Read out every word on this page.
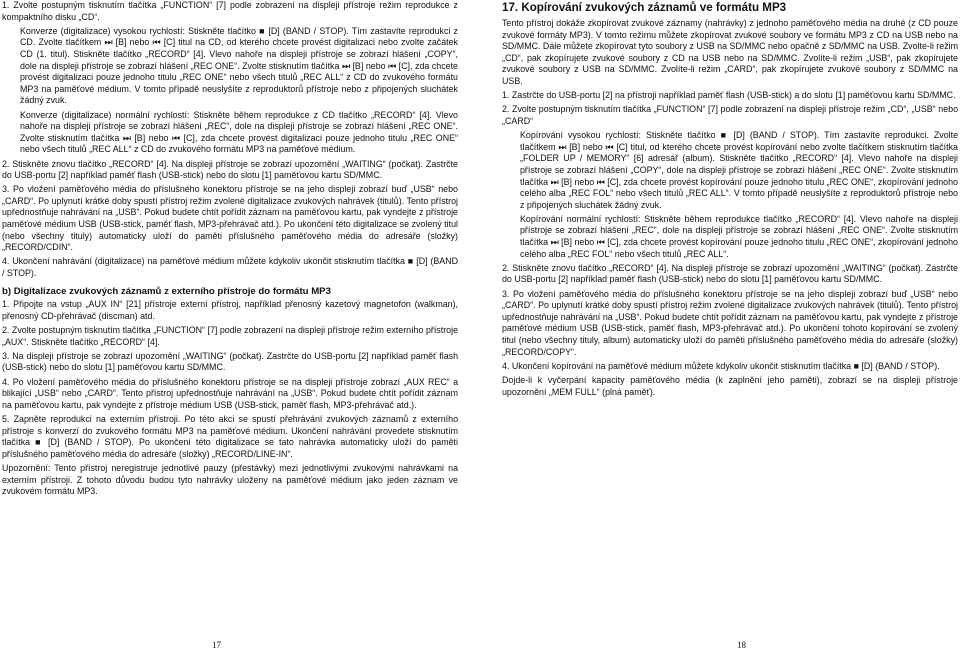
1. Zvolte postupným tisknutím tlačítka „FUNCTION“ [7] podle zobrazení na displeji přístroje režim reprodukce z kompaktního disku „CD“.

Konverze (digitalizace) vysokou rychlostí: Stiskněte tlačítko ■ [D] (BAND / STOP). Tím zastavíte reprodukci z CD. Zvolte tlačítkem ⏭ [B] nebo ⏮ [C] titul na CD, od kterého chcete provést digitalizaci nebo zvolte začátek CD (1. titul). Stiskněte tlačítko „RECORD“ [4]. Vlevo nahoře na displeji přístroje se zobrazí hlášení „COPY“, dole na displeji přístroje se zobrazí hlášení „REC ONE“. Zvolte stisknutím tlačítka ⏭ [B] nebo ⏮ [C], zda chcete provést digitalizaci pouze jednoho titulu „REC ONE“ nebo všech titulů „REC ALL“ z CD do zvukového formátu MP3 na paměťové médium. V tomto případě neuslyšíte z reproduktorů přístroje nebo z připojených sluchátek žádný zvuk.

Konverze (digitalizace) normální rychlostí: Stiskněte během reprodukce z CD tlačítko „RECORD“ [4]. Vlevo nahoře na displeji přístroje se zobrazí hlášení „REC“, dole na displeji přístroje se zobrazí hlášení „REC ONE“. Zvolte stisknutím tlačítka ⏭ [B] nebo ⏮ [C], zda chcete provést digitalizaci pouze jednoho titulu „REC ONE“ nebo všech titulů „REC ALL“ z CD do zvukového formátu MP3 na paměťové médium.

2. Stiskněte znovu tlačítko „RECORD“ [4]. Na displeji přístroje se zobrazí upozornění „WAITING“ (počkat). Zastrčte do USB-portu [2] například paměť flash (USB-stick) nebo do slotu [1] paměťovou kartu SD/MMC.
3. Po vložení paměťového média do příslušného konektoru přístroje se na jeho displeji zobrazí buď „USB“ nebo „CARD“. Po uplynutí krátké doby spustí přístroj režim zvolené digitalizace zvukových nahrávek (titulů). Tento přístroj upřednostňuje nahrávání na „USB“. Pokud budete chtít pořídit záznam na paměťovou kartu, pak vyndejte z přístroje paměťové médium USB (USB-stick, paměť flash, MP3-přehrávač atd.). Po ukončení této digitalizace se zvolený titul (nebo všechny tituly) automaticky uloží do paměti příslušného paměťového média do adresáře (složky) „RECORD/CDIN“.
4. Ukončení nahrávání (digitalizace) na paměťové médium můžete kdykoliv ukončit stisknutím tlačítka ■ [D] (BAND / STOP).
b) Digitalizace zvukových záznamů z externího přístroje do formátu MP3
1. Připojte na vstup „AUX IN“ [21] přístroje externí přístroj, například přenosný kazetový magnetofon (walkman), přenosný CD-přehrávač (discman) atd.
2. Zvolte postupným tisknutím tlačítka „FUNCTION“ [7] podle zobrazení na displeji přístroje režim externího přístroje „AUX“. Stiskněte tlačítko „RECORD“ [4].
3. Na displeji přístroje se zobrazí upozornění „WAITING“ (počkat). Zastrčte do USB-portu [2] například paměť flash (USB-stick) nebo do slotu [1] paměťovou kartu SD/MMC.
4. Po vložení paměťového média do příslušného konektoru přístroje se na displeji přístroje zobrazí „AUX REC“ a blikající „USB“ nebo „CARD“. Tento přístroj upřednostňuje nahrávání na „USB“. Pokud budete chtít pořídit záznam na paměťovou kartu, pak vyndejte z přístroje médium USB (USB-stick, paměť flash, MP3-přehrávač atd.).
5. Zapněte reprodukci na externím přístroji. Po této akci se spustí přehrávání zvukových záznamů z externího přístroje s konverzí do zvukového formátu MP3 na paměťové médium. Ukončení nahrávání provedete stisknutím tlačítka ■ [D] (BAND / STOP). Po ukončení této digitalizace se tato nahrávka automaticky uloží do paměti příslušného paměťového média do adresáře (složky) „RECORD/LINE-IN“.

Upozornění: Tento přístroj neregistruje jednotlivé pauzy (přestávky) mezi jednotlivými zvukovými nahrávkami na externím přístroji. Z tohoto důvodu budou tyto nahrávky uloženy na paměťové médium jako jeden záznam ve zvukovém formátu MP3.

17. Kopírování zvukových záznamů ve formátu MP3

Tento přístroj dokáže zkopírovat zvukové záznamy (nahrávky) z jednoho paměťového média na druhé (z CD pouze zvukové formáty MP3). V tomto režimu můžete zkopírovat zvukové soubory ve formátu MP3 z CD na USB nebo na SD/MMC. Dále můžete zkopírovat tyto soubory z USB na SD/MMC nebo opačně z SD/MMC na USB. Zvolte-li režim „CD“, pak zkopírujete zvukové soubory z CD na USB nebo na SD/MMC. Zvolíte-li režim „USB“, pak zkopírujete zvukové soubory z USB na SD/MMC. Zvolíte-li režim „CARD“, pak zkopírujete zvukové soubory z SD/MMC na USB.

1. Zastrčte do USB-portu [2] na přístroji například paměť flash (USB-stick) a do slotu [1] paměťovou kartu SD/MMC.
2. Zvolte postupným tisknutím tlačítka „FUNCTION“ [7] podle zobrazení na displeji přístroje režim „CD“, „USB“ nebo „CARD“

Kopírování vysokou rychlostí: Stiskněte tlačítko ■ [D] (BAND / STOP). Tím zastavíte reprodukci. Zvolte tlačítkem ⏭ [B] nebo ⏮ [C] titul, od kterého chcete provést kopírování nebo zvolte tlačítkem stisknutím tlačítka „FOLDER UP / MEMORY“ [6] adresář (album). Stiskněte tlačítko „RECORD“ [4]. Vlevo nahoře na displeji přístroje se zobrazí hlášení „COPY“, dole na displeji přístroje se zobrazí hlášení „REC ONE“. Zvolte stisknutím tlačítka ⏭ [B] nebo ⏮ [C], zda chcete provést kopírování pouze jednoho titulu „REC ONE“, zkopírování jednoho celého alba „REC FOL“ nebo všech titulů „REC ALL“. V tomto případě neuslyšíte z reproduktorů přístroje nebo z připojených sluchátek žádný zvuk.

Kopírování normální rychlostí: Stiskněte během reprodukce tlačítko „RECORD“ [4]. Vlevo nahoře na displeji přístroje se zobrazí hlášení „REC“, dole na displeji přístroje se zobrazí hlášení „REC ONE“. Zvolte stisknutím tlačítka ⏭ [B] nebo ⏮ [C], zda chcete provést kopírování pouze jednoho titulu „REC ONE“, zkopírování jednoho celého alba „REC FOL“ nebo všech titulů „REC ALL“.

2. Stiskněte znovu tlačítko „RECORD“ [4]. Na displeji přístroje se zobrazí upozornění „WAITING“ (počkat). Zastrčte do USB-portu [2] například paměť flash (USB-stick) nebo do slotu [1] paměťovou kartu SD/MMC.
3. Po vložení paměťového média do příslušného konektoru přístroje se na jeho displeji zobrazí buď „USB“ nebo „CARD“. Po uplynutí krátké doby spustí přístroj režim zvolené digitalizace zvukových nahrávek (titulů). Tento přístroj upřednostňuje nahrávání na „USB“. Pokud budete chtít pořídit záznam na paměťovou kartu, pak vyndejte z přístroje paměťové médium USB (USB-stick, paměť flash, MP3-přehrávač atd.). Po ukončení tohoto kopírování se zvolený titul (nebo všechny tituly, album) automaticky uloží do paměti příslušného paměťového média do adresáře (složky) „RECORD/COPY“.
4. Ukončení kopírování na paměťové médium můžete kdykoliv ukončit stisknutím tlačítka ■ [D] (BAND / STOP).

Dojde-li k vyčerpání kapacity paměťového média (k zaplnění jeho paměti), zobrazí se na displeji přístroje upozornění „MEM FULL“ (plná paměť).

17	18
